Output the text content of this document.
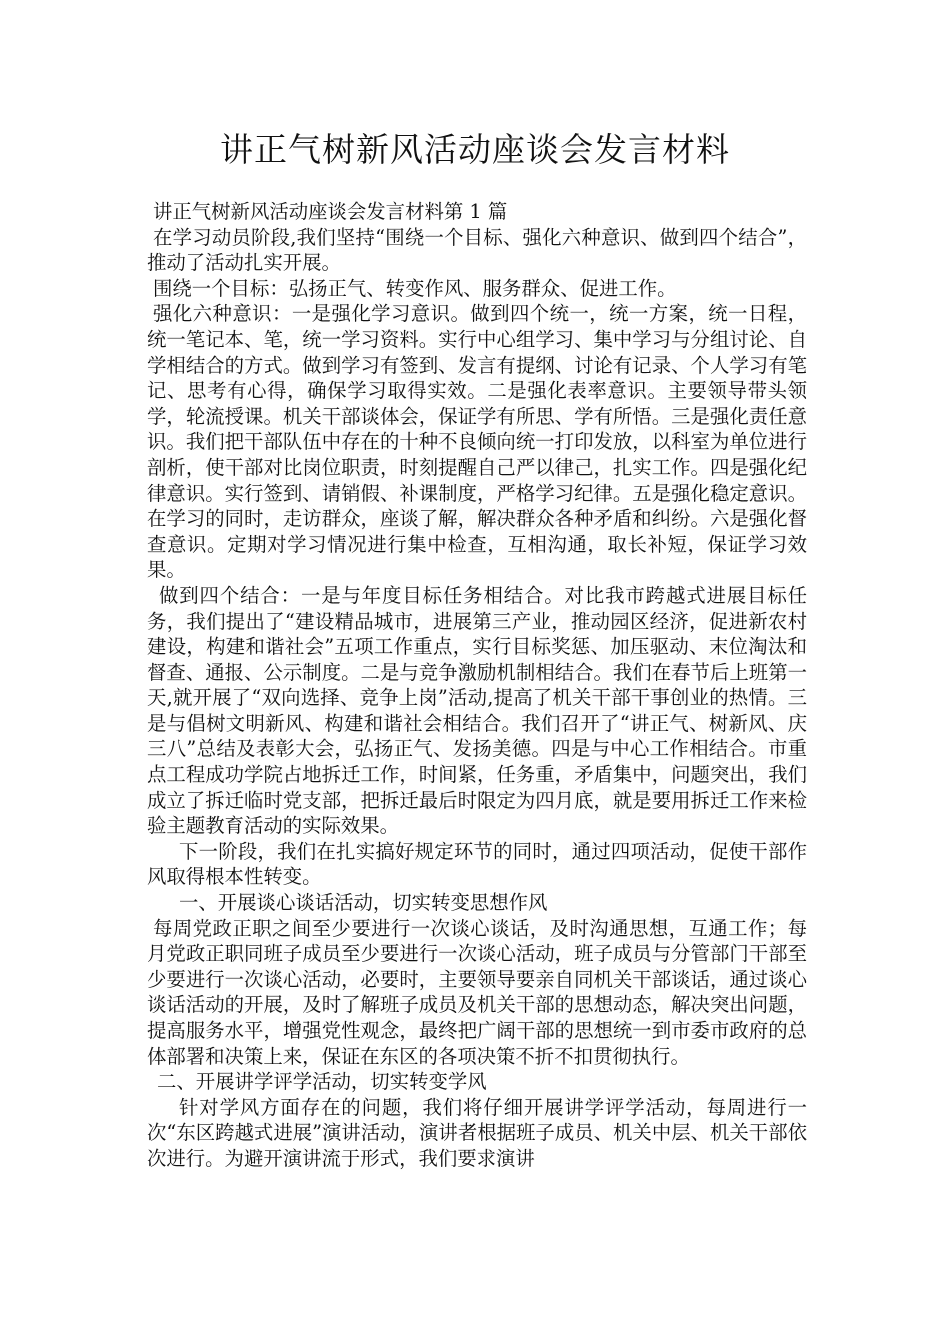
讲正气树新风活动座谈会发言材料

讲正气树新风活动座谈会发言材料第 1 篇

在学习动员阶段,我们坚持“围绕一个目标、强化六种意识、做到四个结合”，推动了活动扎实开展。

围绕一个目标：弘扬正气、转变作风、服务群众、促进工作。

强化六种意识：一是强化学习意识。做到四个统一，统一方案，统一日程，统一笔记本、笔，统一学习资料。实行中心组学习、集中学习与分组讨论、自学相结合的方式。做到学习有签到、发言有提纲、讨论有记录、个人学习有笔记、思考有心得，确保学习取得实效。二是强化表率意识。主要领导带头领学，轮流授课。机关干部谈体会，保证学有所思、学有所悟。三是强化责任意识。我们把干部队伍中存在的十种不良倾向统一打印发放，以科室为单位进行剖析，使干部对比岗位职责，时刻提醒自己严以律己，扎实工作。四是强化纪律意识。实行签到、请销假、补课制度，严格学习纪律。五是强化稳定意识。在学习的同时，走访群众，座谈了解，解决群众各种矛盾和纠纷。六是强化督查意识。定期对学习情况进行集中检查，互相沟通，取长补短，保证学习效果。

做到四个结合：一是与年度目标任务相结合。对比我市跨越式进展目标任务，我们提出了“建设精品城市，进展第三产业，推动园区经济，促进新农村建设，构建和谐社会”五项工作重点，实行目标奖惩、加压驱动、末位淘汰和督查、通报、公示制度。二是与竞争激励机制相结合。我们在春节后上班第一天,就开展了“双向选择、竞争上岗”活动,提高了机关干部干事创业的热情。三是与倡树文明新风、构建和谐社会相结合。我们召开了“讲正气、树新风、庆三八”总结及表彰大会，弘扬正气、发扬美德。四是与中心工作相结合。市重点工程成功学院占地拆迁工作，时间紧，任务重，矛盾集中，问题突出，我们成立了拆迁临时党支部，把拆迁最后时限定为四月底，就是要用拆迁工作来检验主题教育活动的实际效果。

下一阶段，我们在扎实搞好规定环节的同时，通过四项活动，促使干部作风取得根本性转变。

一、开展谈心谈话活动，切实转变思想作风

每周党政正职之间至少要进行一次谈心谈话，及时沟通思想，互通工作；每月党政正职同班子成员至少要进行一次谈心活动，班子成员与分管部门干部至少要进行一次谈心活动，必要时，主要领导要亲自同机关干部谈话，通过谈心谈话活动的开展，及时了解班子成员及机关干部的思想动态，解决突出问题，提高服务水平，增强党性观念，最终把广阔干部的思想统一到市委市政府的总体部署和决策上来，保证在东区的各项决策不折不扣贯彻执行。

二、开展讲学评学活动，切实转变学风

针对学风方面存在的问题，我们将仔细开展讲学评学活动，每周进行一次“东区跨越式进展”演讲活动，演讲者根据班子成员、机关中层、机关干部依次进行。为避开演讲流于形式，我们要求演讲
